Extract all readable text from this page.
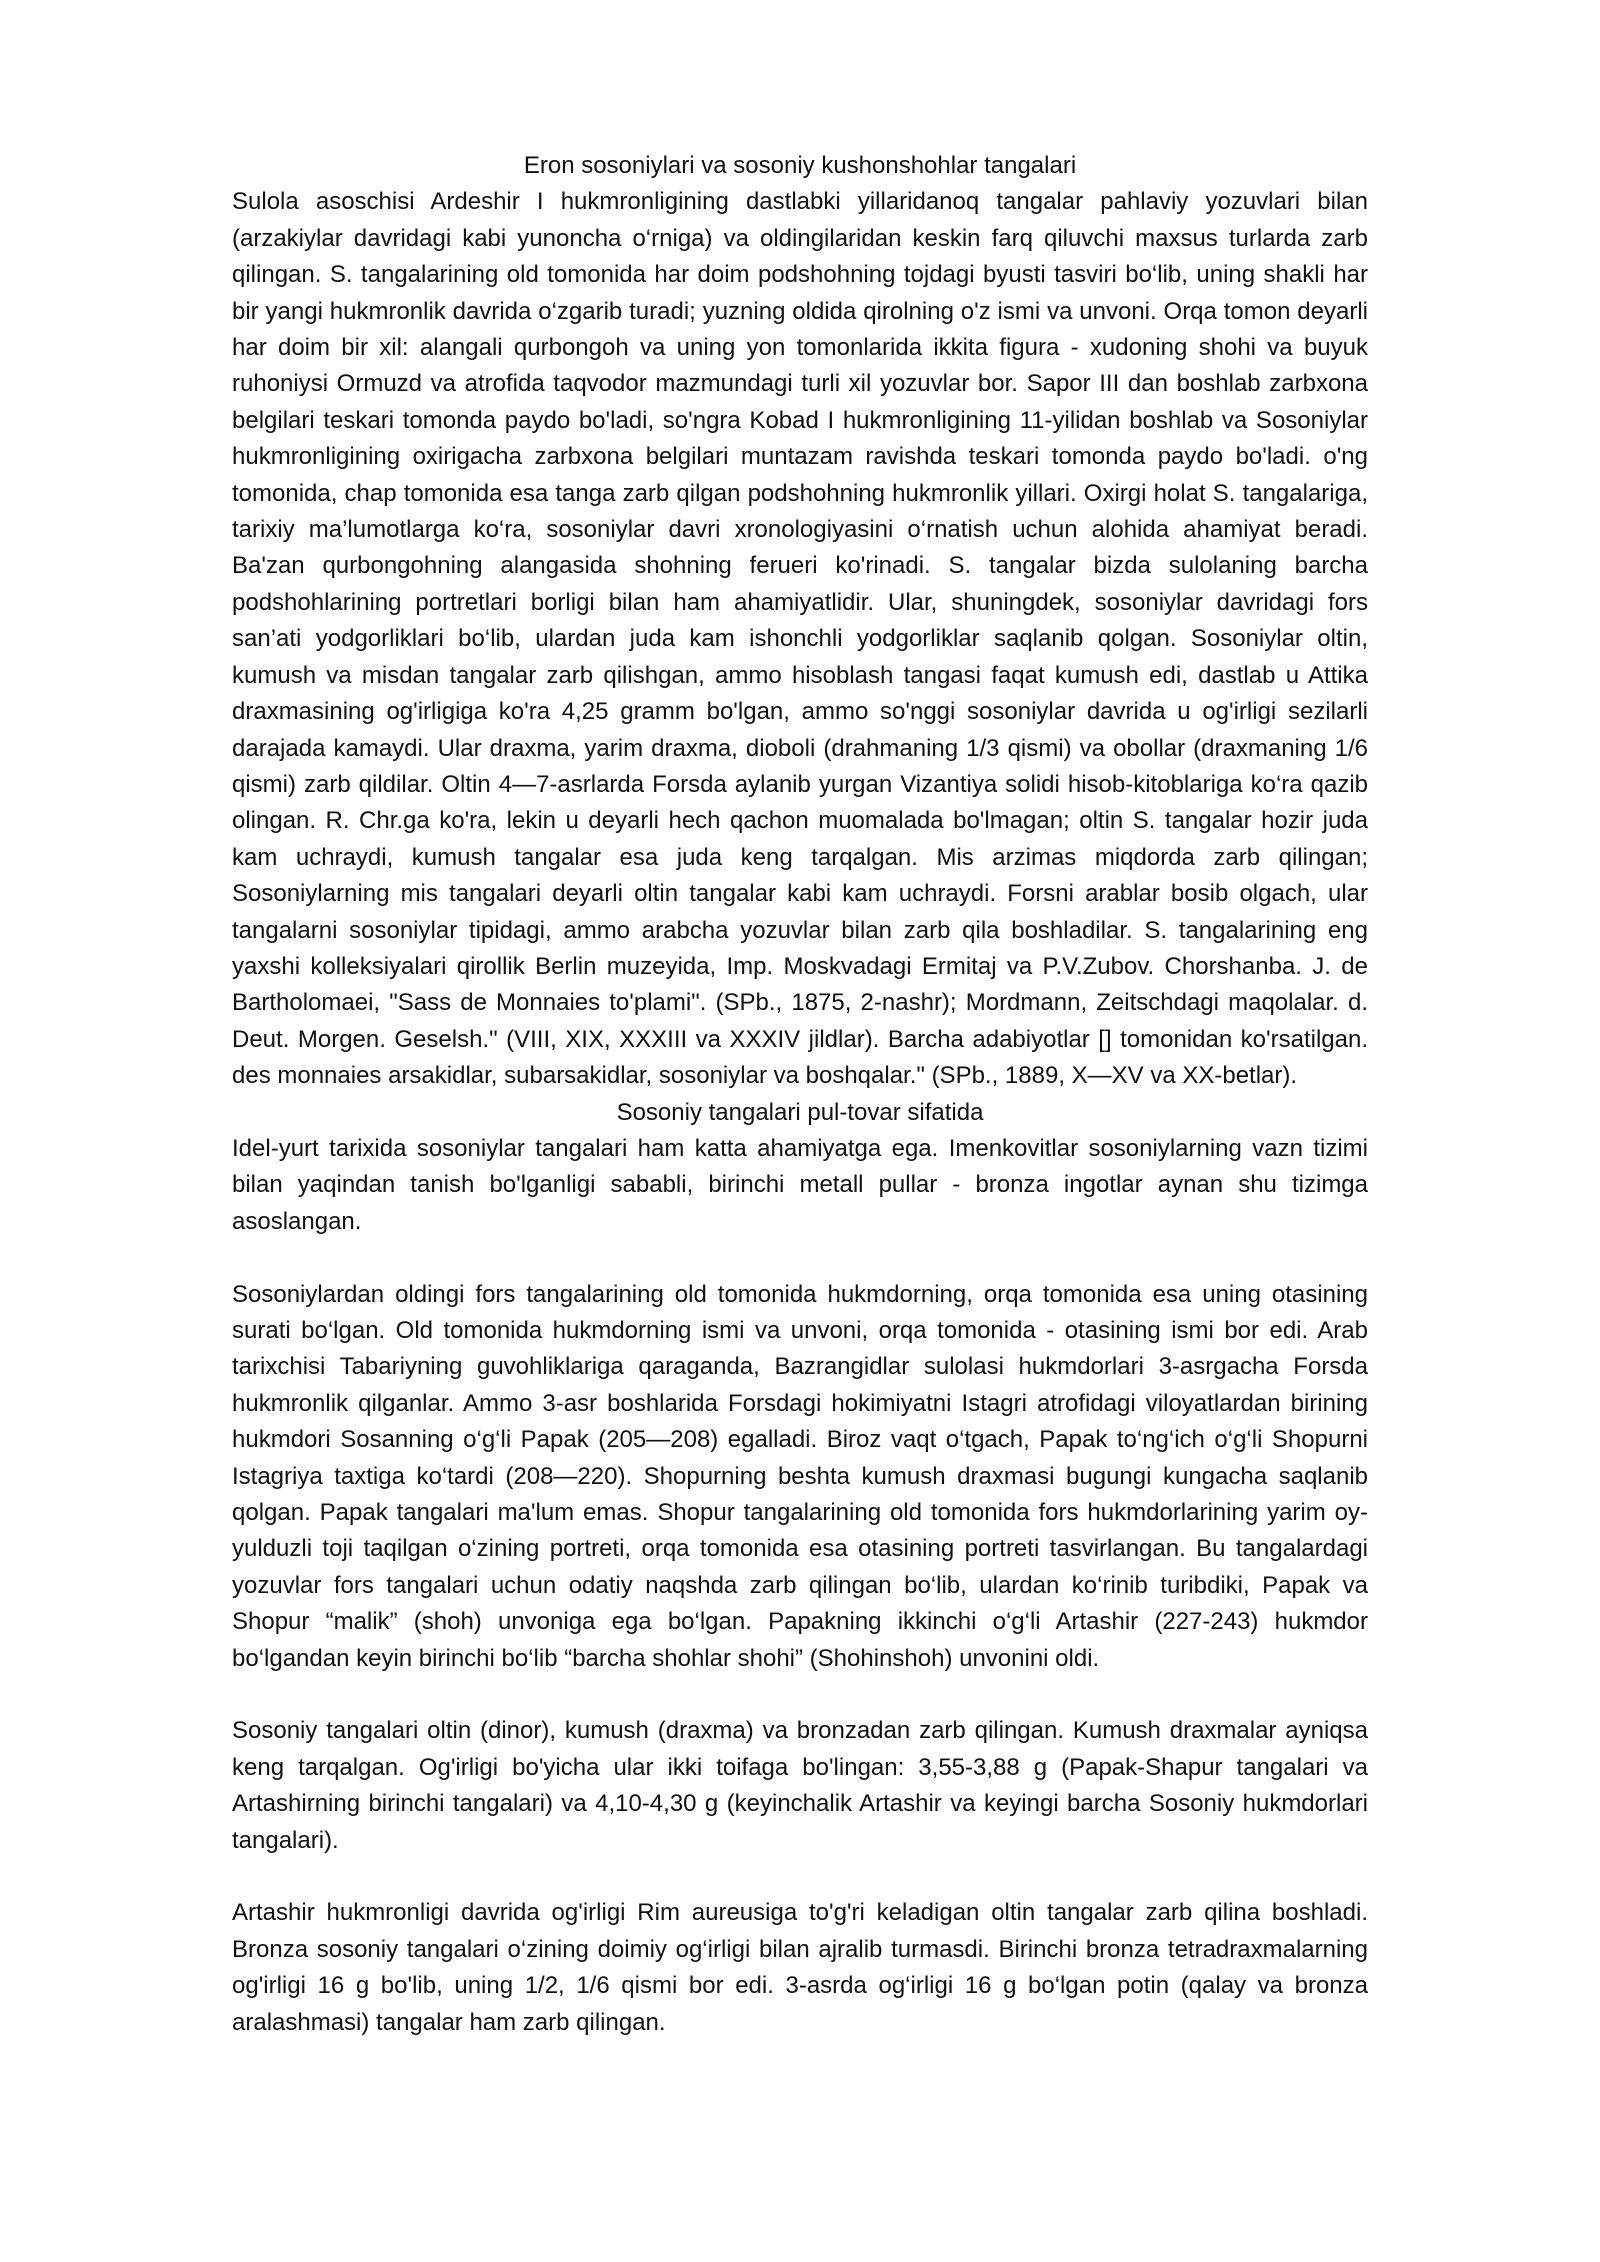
Eron sosoniylari va sosoniy kushonshohlar tangalari

Sulola asoschisi Ardeshir I hukmronligining dastlabki yillaridanoq tangalar pahlaviy yozuvlari bilan (arzakiylar davridagi kabi yunoncha o‘rniga) va oldingilaridan keskin farq qiluvchi maxsus turlarda zarb qilingan. S. tangalarining old tomonida har doim podshohning tojdagi byusti tasviri bo‘lib, uning shakli har bir yangi hukmronlik davrida o‘zgarib turadi; yuzning oldida qirolning o'z ismi va unvoni. Orqa tomon deyarli har doim bir xil: alangali qurbongoh va uning yon tomonlarida ikkita figura - xudoning shohi va buyuk ruhoniysi Ormuzd va atrofida taqvodor mazmundagi turli xil yozuvlar bor. Sapor III dan boshlab zarbxona belgilari teskari tomonda paydo bo'ladi, so'ngra Kobad I hukmronligining 11-yilidan boshlab va Sosoniylar hukmronligining oxirigacha zarbxona belgilari muntazam ravishda teskari tomonda paydo bo'ladi. o'ng tomonida, chap tomonida esa tanga zarb qilgan podshohning hukmronlik yillari. Oxirgi holat S. tangalariga, tarixiy ma’lumotlarga ko‘ra, sosoniylar davri xronologiyasini o‘rnatish uchun alohida ahamiyat beradi. Ba'zan qurbongohning alangasida shohning ferueri ko'rinadi. S. tangalar bizda sulolaning barcha podshohlarining portretlari borligi bilan ham ahamiyatlidir. Ular, shuningdek, sosoniylar davridagi fors san’ati yodgorliklari bo‘lib, ulardan juda kam ishonchli yodgorliklar saqlanib qolgan. Sosoniylar oltin, kumush va misdan tangalar zarb qilishgan, ammo hisoblash tangasi faqat kumush edi, dastlab u Attika draxmasining og'irligiga ko'ra 4,25 gramm bo'lgan, ammo so'nggi sosoniylar davrida u og'irligi sezilarli darajada kamaydi. Ular draxma, yarim draxma, dioboli (drahmaning 1/3 qismi) va obollar (draxmaning 1/6 qismi) zarb qildilar. Oltin 4—7-asrlarda Forsda aylanib yurgan Vizantiya solidi hisob-kitoblariga ko‘ra qazib olingan. R. Chr.ga ko'ra, lekin u deyarli hech qachon muomalada bo'lmagan; oltin S. tangalar hozir juda kam uchraydi, kumush tangalar esa juda keng tarqalgan. Mis arzimas miqdorda zarb qilingan; Sosoniylarning mis tangalari deyarli oltin tangalar kabi kam uchraydi. Forsni arablar bosib olgach, ular tangalarni sosoniylar tipidagi, ammo arabcha yozuvlar bilan zarb qila boshladilar. S. tangalarining eng yaxshi kolleksiyalari qirollik Berlin muzeyida, Imp. Moskvadagi Ermitaj va P.V.Zubov. Chorshanba. J. de Bartholomaei, "Sass de Monnaies to'plami". (SPb., 1875, 2-nashr); Mordmann, Zeitschdagi maqolalar. d. Deut. Morgen. Geselsh." (VIII, XIX, XXXIII va XXXIV jildlar). Barcha adabiyotlar [] tomonidan ko'rsatilgan. des monnaies arsakidlar, subarsakidlar, sosoniylar va boshqalar." (SPb., 1889, X—XV va XX-betlar).

Sosoniy tangalari pul-tovar sifatida

Idel-yurt tarixida sosoniylar tangalari ham katta ahamiyatga ega. Imenkovitlar sosoniylarning vazn tizimi bilan yaqindan tanish bo'lganligi sababli, birinchi metall pullar - bronza ingotlar aynan shu tizimga asoslangan.

Sosoniylardan oldingi fors tangalarining old tomonida hukmdorning, orqa tomonida esa uning otasining surati bo‘lgan. Old tomonida hukmdorning ismi va unvoni, orqa tomonida - otasining ismi bor edi. Arab tarixchisi Tabariyning guvohliklariga qaraganda, Bazrangidlar sulolasi hukmdorlari 3-asrgacha Forsda hukmronlik qilganlar. Ammo 3-asr boshlarida Forsdagi hokimiyatni Istagri atrofidagi viloyatlardan birining hukmdori Sosanning o‘g‘li Papak (205—208) egalladi. Biroz vaqt o‘tgach, Papak to‘ng‘ich o‘g‘li Shopurni Istagriya taxtiga ko‘tardi (208—220). Shopurning beshta kumush draxmasi bugungi kungacha saqlanib qolgan. Papak tangalari ma'lum emas. Shopur tangalarining old tomonida fors hukmdorlarining yarim oy-yulduzli toji taqilgan o‘zining portreti, orqa tomonida esa otasining portreti tasvirlangan. Bu tangalardagi yozuvlar fors tangalari uchun odatiy naqshda zarb qilingan bo‘lib, ulardan ko‘rinib turibdiki, Papak va Shopur “malik” (shoh) unvoniga ega bo‘lgan. Papakning ikkinchi o‘g‘li Artashir (227-243) hukmdor bo‘lgandan keyin birinchi bo‘lib “barcha shohlar shohi” (Shohinshoh) unvonini oldi.

Sosoniy tangalari oltin (dinor), kumush (draxma) va bronzadan zarb qilingan. Kumush draxmalar ayniqsa keng tarqalgan. Og'irligi bo'yicha ular ikki toifaga bo'lingan: 3,55-3,88 g (Papak-Shapur tangalari va Artashirning birinchi tangalari) va 4,10-4,30 g (keyinchalik Artashir va keyingi barcha Sosoniy hukmdorlari tangalari).

Artashir hukmronligi davrida og'irligi Rim aureusiga to'g'ri keladigan oltin tangalar zarb qilina boshladi. Bronza sosoniy tangalari o‘zining doimiy og‘irligi bilan ajralib turmasdi. Birinchi bronza tetradraxmalarning og'irligi 16 g bo'lib, uning 1/2, 1/6 qismi bor edi. 3-asrda og‘irligi 16 g bo‘lgan potin (qalay va bronza aralashmasi) tangalar ham zarb qilingan.
